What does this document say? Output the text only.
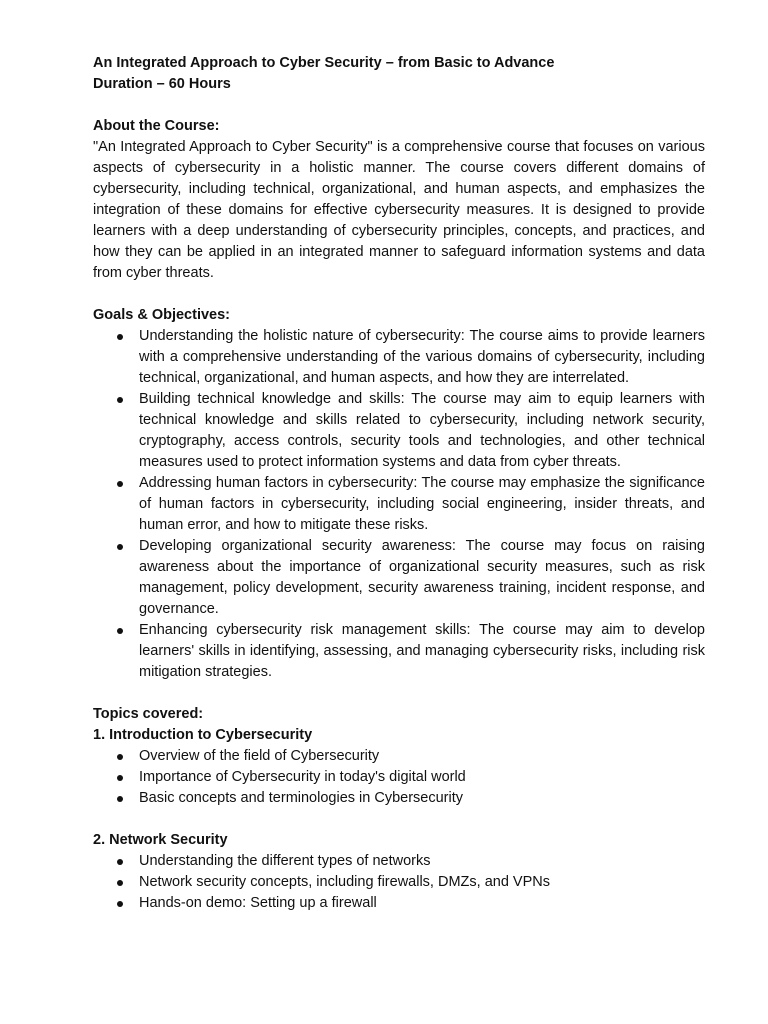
An Integrated Approach to Cyber Security – from Basic to Advance

Duration – 60 Hours

About the Course:

"An Integrated Approach to Cyber Security" is a comprehensive course that focuses on various aspects of cybersecurity in a holistic manner. The course covers different domains of cybersecurity, including technical, organizational, and human aspects, and emphasizes the integration of these domains for effective cybersecurity measures. It is designed to provide learners with a deep understanding of cybersecurity principles, concepts, and practices, and how they can be applied in an integrated manner to safeguard information systems and data from cyber threats.

Goals & Objectives:

Understanding the holistic nature of cybersecurity: The course aims to provide learners with a comprehensive understanding of the various domains of cybersecurity, including technical, organizational, and human aspects, and how they are interrelated.
Building technical knowledge and skills: The course may aim to equip learners with technical knowledge and skills related to cybersecurity, including network security, cryptography, access controls, security tools and technologies, and other technical measures used to protect information systems and data from cyber threats.
Addressing human factors in cybersecurity: The course may emphasize the significance of human factors in cybersecurity, including social engineering, insider threats, and human error, and how to mitigate these risks.
Developing organizational security awareness: The course may focus on raising awareness about the importance of organizational security measures, such as risk management, policy development, security awareness training, incident response, and governance.
Enhancing cybersecurity risk management skills: The course may aim to develop learners' skills in identifying, assessing, and managing cybersecurity risks, including risk mitigation strategies.

Topics covered:

1. Introduction to Cybersecurity

Overview of the field of Cybersecurity
Importance of Cybersecurity in today's digital world
Basic concepts and terminologies in Cybersecurity

2. Network Security

Understanding the different types of networks
Network security concepts, including firewalls, DMZs, and VPNs
Hands-on demo: Setting up a firewall
